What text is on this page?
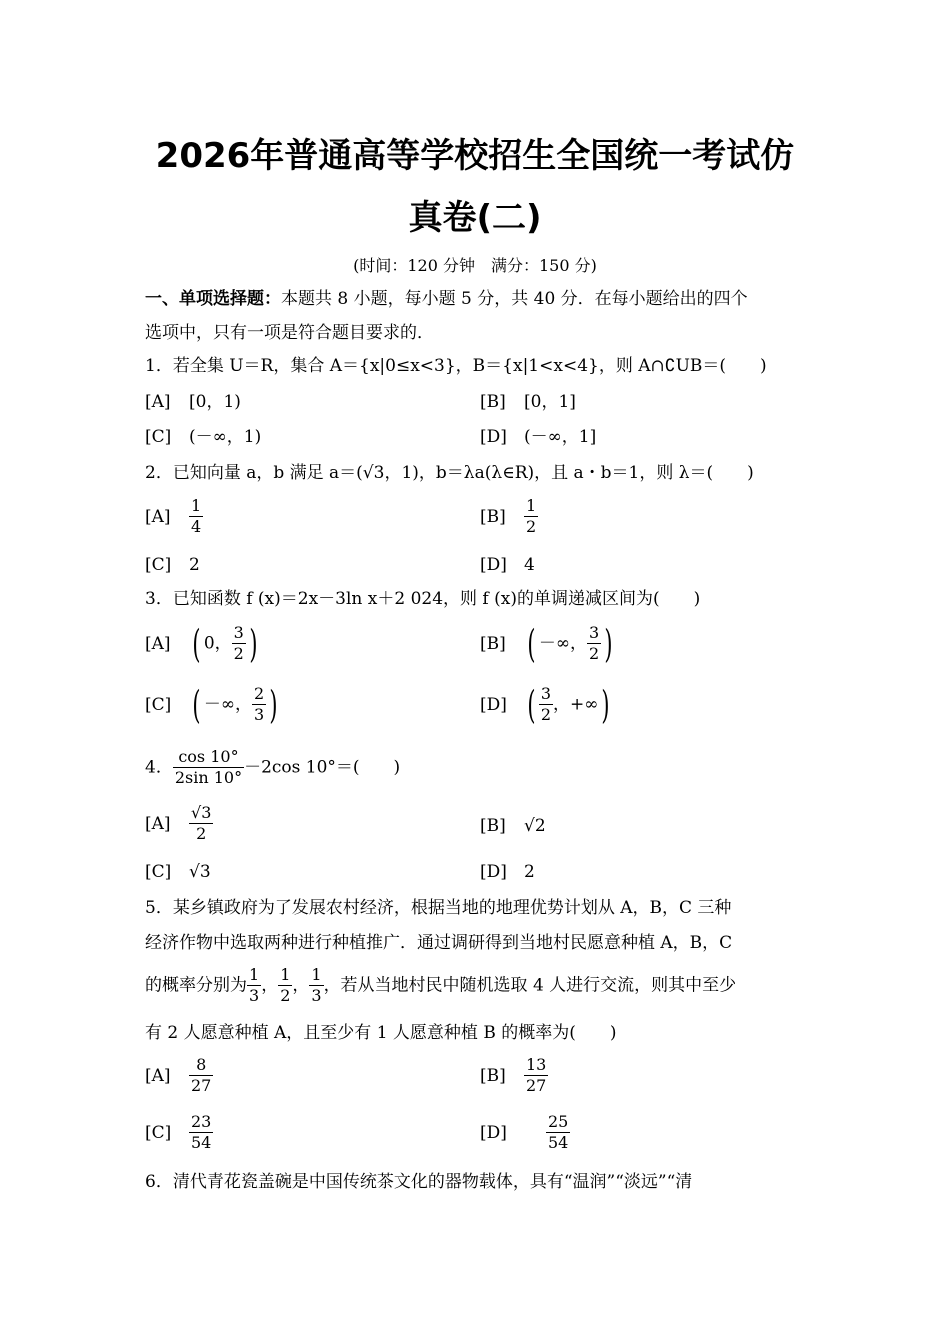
2026年普通高等学校招生全国统一考试仿
真卷(二)
(时间：120 分钟　满分：150 分)
一、单项选择题：本题共 8 小题，每小题 5 分，共 40 分．在每小题给出的四个
选项中，只有一项是符合题目要求的．
1．若全集 U＝R，集合 A＝{x|0≤x<3}，B＝{x|1<x<4}，则 A∩∁UB＝(　　)
[A] [0，1)	[B] [0，1]
[C] (－∞，1)	[D] (－∞，1]
2．已知向量 a，b 满足 a＝(√3，1)，b＝λa(λ∈R)，且 a・b＝1，则 λ＝(　　)
$[A] \frac{1}{4}$	$[B] \frac{1}{2}$
[C] 2	[D] 4
3．已知函数 f (x)＝2x－3ln x＋2 024，则 f (x)的单调递减区间为(　　)
[A] ( 0， $\frac{3}{2}$ )	[B] ( －∞， $\frac{3}{2}$ )
[C] ( －∞， $\frac{2}{3}$ )	[D] ( $\frac{3}{2}$ ，+∞)
4． $\frac{\cos 10^\circ}{2\sin 10^\circ} -2\cos$ 10°＝(　　)
$[A] \frac{√3}{2}$	[B] √2
[C] √3	[D] 2
5．某乡镇政府为了发展农村经济，根据当地的地理优势计划从 A，B，C 三种
经济作物中选取两种进行种植推广．通过调研得到当地村民愿意种植 A，B，C
的概率分别为 $\frac{1}{3}$ ， $\frac{1}{2}$ ， $\frac{1}{3}$ ，若从当地村民中随机选取 4 人进行交流，则其中至少
有 2 人愿意种植 A，且至少有 1 人愿意种植 B 的概率为(　　)
$[A] \frac{8}{27}$	$[B] \frac{13}{27}$
$[C] \frac{23}{54}$	$[D] \frac{25}{54}$
6．清代青花瓷盖碗是中国传统茶文化的器物载体，具有“温润”“淡远”“清
